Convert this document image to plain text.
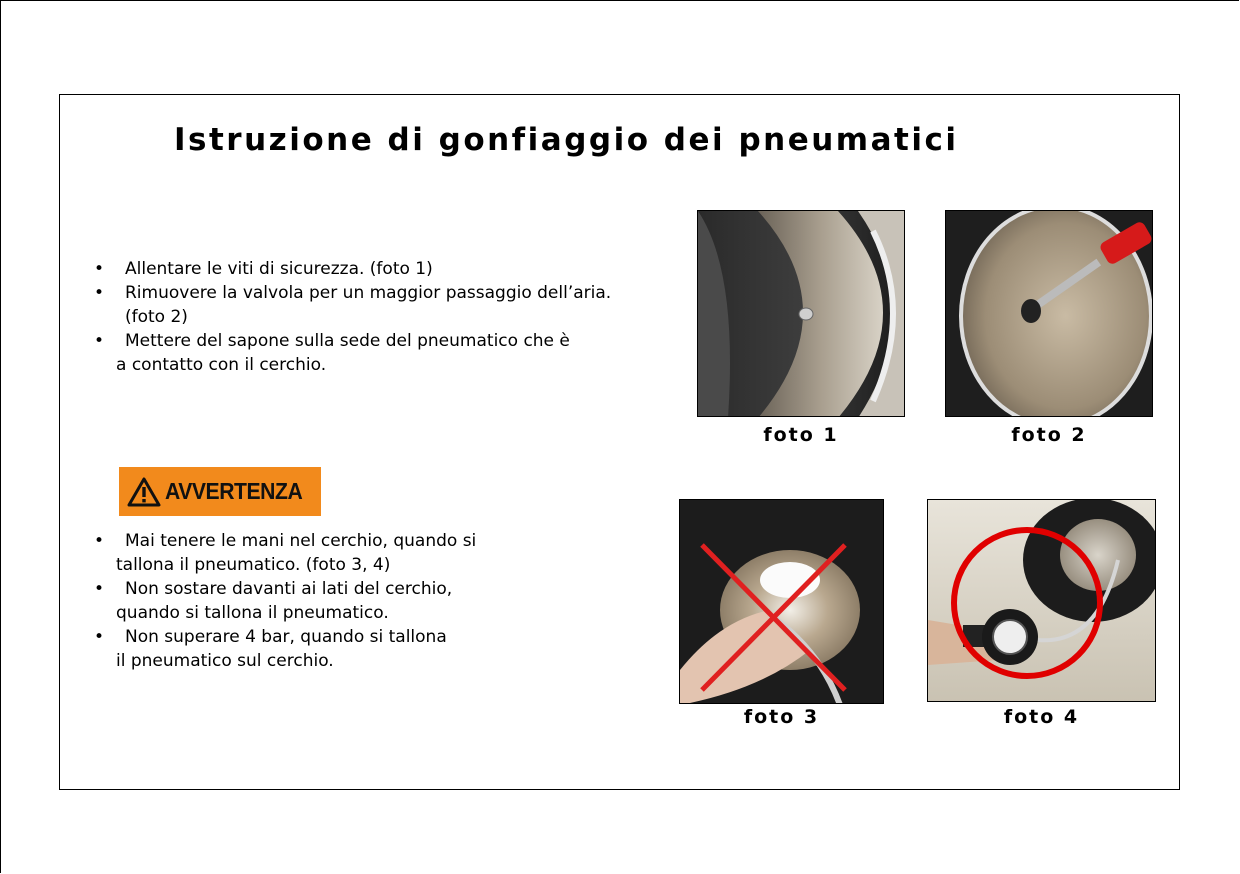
Istruzione di gonfiaggio dei pneumatici
•	Allentare le viti di sicurezza. (foto 1)
•	Rimuovere la valvola per un maggior passaggio dell’aria.
(foto 2)
•	Mettere del sapone sulla sede del pneumatico che è
a contatto con il cerchio.
AVVERTENZA
•	Mai tenere le mani nel cerchio, quando si
tallona il pneumatico. (foto 3, 4)
•	Non sostare davanti ai lati del cerchio,
quando si tallona il pneumatico.
•	Non superare 4 bar, quando si tallona
il pneumatico sul cerchio.
foto 1	foto 2
foto 3	foto 4
